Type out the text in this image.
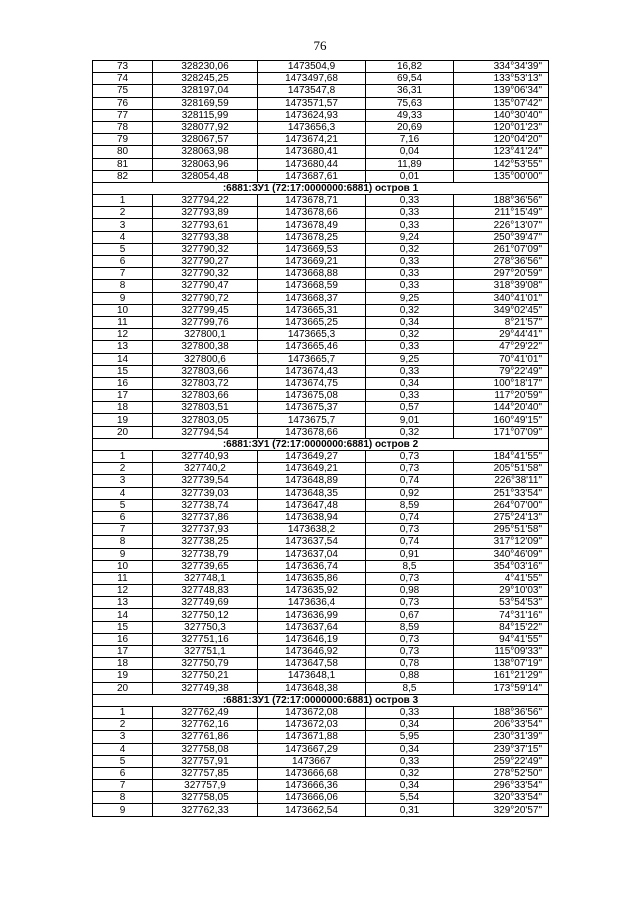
76
73	328230,06	1473504,9	16,82	334°34'39"
74	328245,25	1473497,68	69,54	133°53'13"
75	328197,04	1473547,8	36,31	139°06'34"
76	328169,59	1473571,57	75,63	135°07'42"
77	328115,99	1473624,93	49,33	140°30'40"
78	328077,92	1473656,3	20,69	120°01'23"
79	328067,57	1473674,21	7,16	120°04'20"
80	328063,98	1473680,41	0,04	123°41'24"
81	328063,96	1473680,44	11,89	142°53'55"
82	328054,48	1473687,61	0,01	135°00'00"
:6881:ЗУ1 (72:17:0000000:6881) остров 1				
1	327794,22	1473678,71	0,33	188°36'56"
2	327793,89	1473678,66	0,33	211°15'49"
3	327793,61	1473678,49	0,33	226°13'07"
4	327793,38	1473678,25	9,24	250°39'47"
5	327790,32	1473669,53	0,32	261°07'09"
6	327790,27	1473669,21	0,33	278°36'56"
7	327790,32	1473668,88	0,33	297°20'59"
8	327790,47	1473668,59	0,33	318°39'08"
9	327790,72	1473668,37	9,25	340°41'01"
10	327799,45	1473665,31	0,32	349°02'45"
11	327799,76	1473665,25	0,34	8°21'57"
12	327800,1	1473665,3	0,32	29°44'41"
13	327800,38	1473665,46	0,33	47°29'22"
14	327800,6	1473665,7	9,25	70°41'01"
15	327803,66	1473674,43	0,33	79°22'49"
16	327803,72	1473674,75	0,34	100°18'17"
17	327803,66	1473675,08	0,33	117°20'59"
18	327803,51	1473675,37	0,57	144°20'40"
19	327803,05	1473675,7	9,01	160°49'15"
20	327794,54	1473678,66	0,32	171°07'09"
:6881:ЗУ1 (72:17:0000000:6881) остров 2				
1	327740,93	1473649,27	0,73	184°41'55"
2	327740,2	1473649,21	0,73	205°51'58"
3	327739,54	1473648,89	0,74	226°38'11"
4	327739,03	1473648,35	0,92	251°33'54"
5	327738,74	1473647,48	8,59	264°07'00"
6	327737,86	1473638,94	0,74	275°24'13"
7	327737,93	1473638,2	0,73	295°51'58"
8	327738,25	1473637,54	0,74	317°12'09"
9	327738,79	1473637,04	0,91	340°46'09"
10	327739,65	1473636,74	8,5	354°03'16"
11	327748,1	1473635,86	0,73	4°41'55"
12	327748,83	1473635,92	0,98	29°10'03"
13	327749,69	1473636,4	0,73	53°54'53"
14	327750,12	1473636,99	0,67	74°31'16"
15	327750,3	1473637,64	8,59	84°15'22"
16	327751,16	1473646,19	0,73	94°41'55"
17	327751,1	1473646,92	0,73	115°09'33"
18	327750,79	1473647,58	0,78	138°07'19"
19	327750,21	1473648,1	0,88	161°21'29"
20	327749,38	1473648,38	8,5	173°59'14"
:6881:ЗУ1 (72:17:0000000:6881) остров 3				
1	327762,49	1473672,08	0,33	188°36'56"
2	327762,16	1473672,03	0,34	206°33'54"
3	327761,86	1473671,88	5,95	230°31'39"
4	327758,08	1473667,29	0,34	239°37'15"
5	327757,91	1473667	0,33	259°22'49"
6	327757,85	1473666,68	0,32	278°52'50"
7	327757,9	1473666,36	0,34	296°33'54"
8	327758,05	1473666,06	5,54	320°33'54"
9	327762,33	1473662,54	0,31	329°20'57"
